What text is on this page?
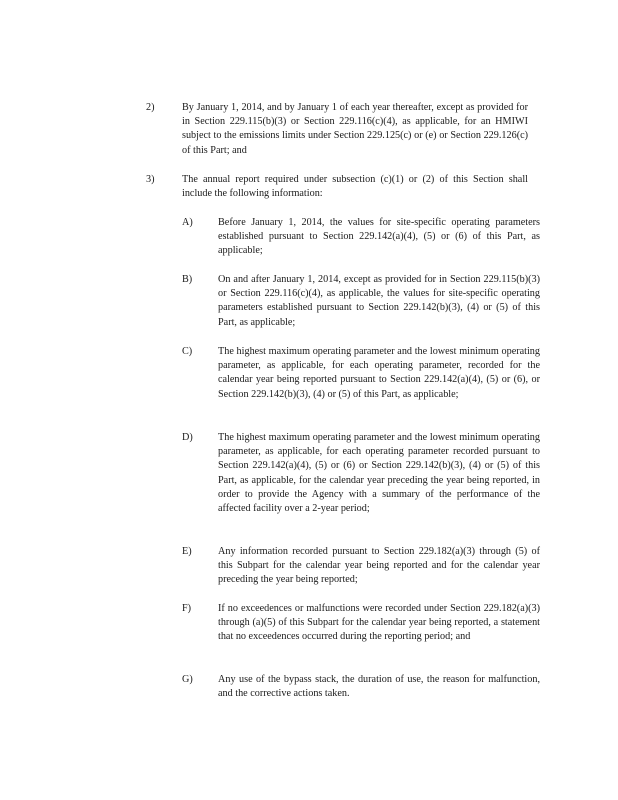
2)	By January 1, 2014, and by January 1 of each year thereafter, except as provided for in Section 229.115(b)(3) or Section 229.116(c)(4), as applicable, for an HMIWI subject to the emissions limits under Section 229.125(c) or (e) or Section 229.126(c) of this Part; and
3)	The annual report required under subsection (c)(1) or (2) of this Section shall include the following information:
A) Before January 1, 2014, the values for site-specific operating parameters established pursuant to Section 229.142(a)(4), (5) or (6) of this Part, as applicable;
B)	On and after January 1, 2014, except as provided for in Section 229.115(b)(3) or Section 229.116(c)(4), as applicable, the values for site-specific operating parameters established pursuant to Section 229.142(b)(3), (4) or (5) of this Part, as applicable;
C)	The highest maximum operating parameter and the lowest minimum operating parameter, as applicable, for each operating parameter, recorded for the calendar year being reported pursuant to Section 229.142(a)(4), (5) or (6), or Section 229.142(b)(3), (4) or (5) of this Part, as applicable;
D) The highest maximum operating parameter and the lowest minimum operating parameter, as applicable, for each operating parameter recorded pursuant to Section 229.142(a)(4), (5) or (6) or Section 229.142(b)(3), (4) or (5) of this Part, as applicable, for the calendar year preceding the year being reported, in order to provide the Agency with a summary of the performance of the affected facility over a 2-year period;
E)	Any information recorded pursuant to Section 229.182(a)(3) through (5) of this Subpart for the calendar year being reported and for the calendar year preceding the year being reported;
F)	If no exceedences or malfunctions were recorded under Section 229.182(a)(3) through (a)(5) of this Subpart for the calendar year being reported, a statement that no exceedences occurred during the reporting period; and
G) Any use of the bypass stack, the duration of use, the reason for malfunction, and the corrective actions taken.
